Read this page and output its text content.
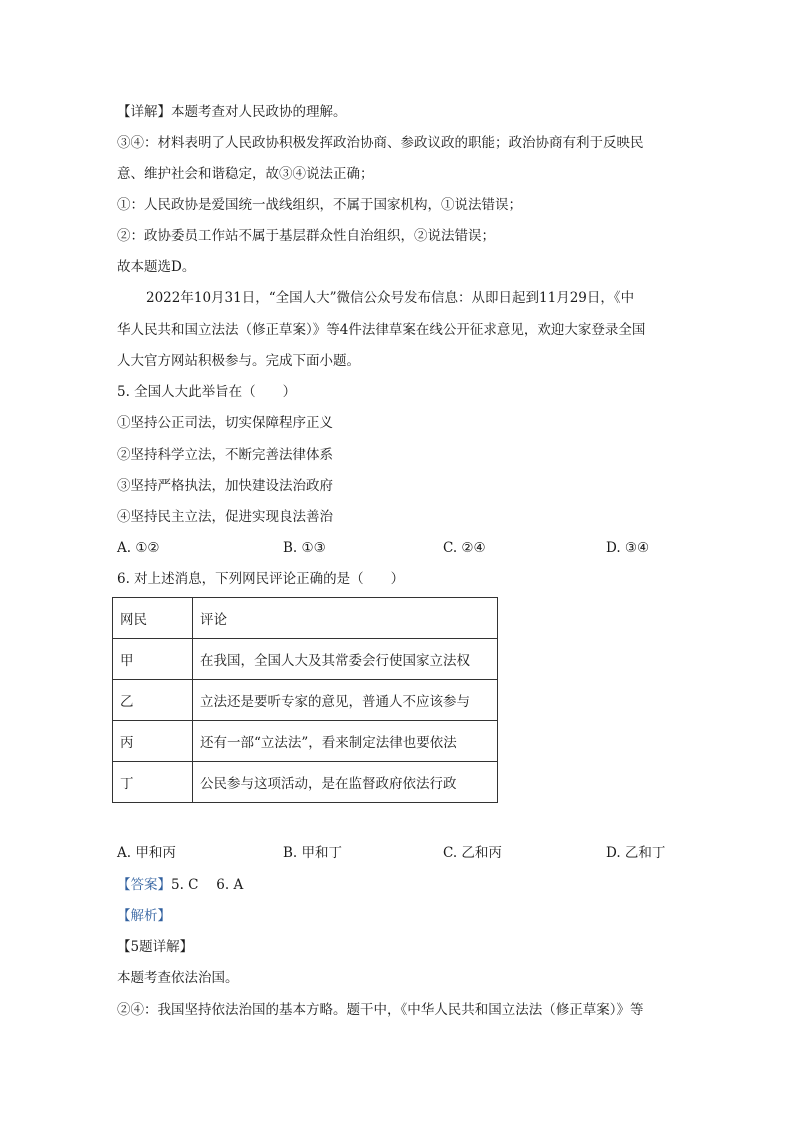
【详解】本题考查对人民政协的理解。
③④：材料表明了人民政协积极发挥政治协商、参政议政的职能；政治协商有利于反映民
意、维护社会和谐稳定，故③④说法正确；
①：人民政协是爱国统一战线组织，不属于国家机构，①说法错误；
②：政协委员工作站不属于基层群众性自治组织，②说法错误；
故本题选D。
2022年10月31日，“全国人大”微信公众号发布信息：从即日起到11月29日，《中
华人民共和国立法法（修正草案）》等4件法律草案在线公开征求意见，欢迎大家登录全国
人大官方网站积极参与。完成下面小题。
5. 全国人大此举旨在（　　）
①坚持公正司法，切实保障程序正义
②坚持科学立法，不断完善法律体系
③坚持严格执法，加快建设法治政府
④坚持民主立法，促进实现良法善治
A. ①②	B. ①③	C. ②④	D. ③④
6. 对上述消息，下列网民评论正确的是（　　）
网民	评论
甲	在我国，全国人大及其常委会行使国家立法权
乙	立法还是要听专家的意见，普通人不应该参与
丙	还有一部“立法法”，看来制定法律也要依法
丁	公民参与这项活动，是在监督政府依法行政
A. 甲和丙	B. 甲和丁	C. 乙和丙	D. 乙和丁
【答案】5. C　 6. A
【解析】
【5题详解】
本题考查依法治国。
②④：我国坚持依法治国的基本方略。题干中，《中华人民共和国立法法（修正草案）》等
